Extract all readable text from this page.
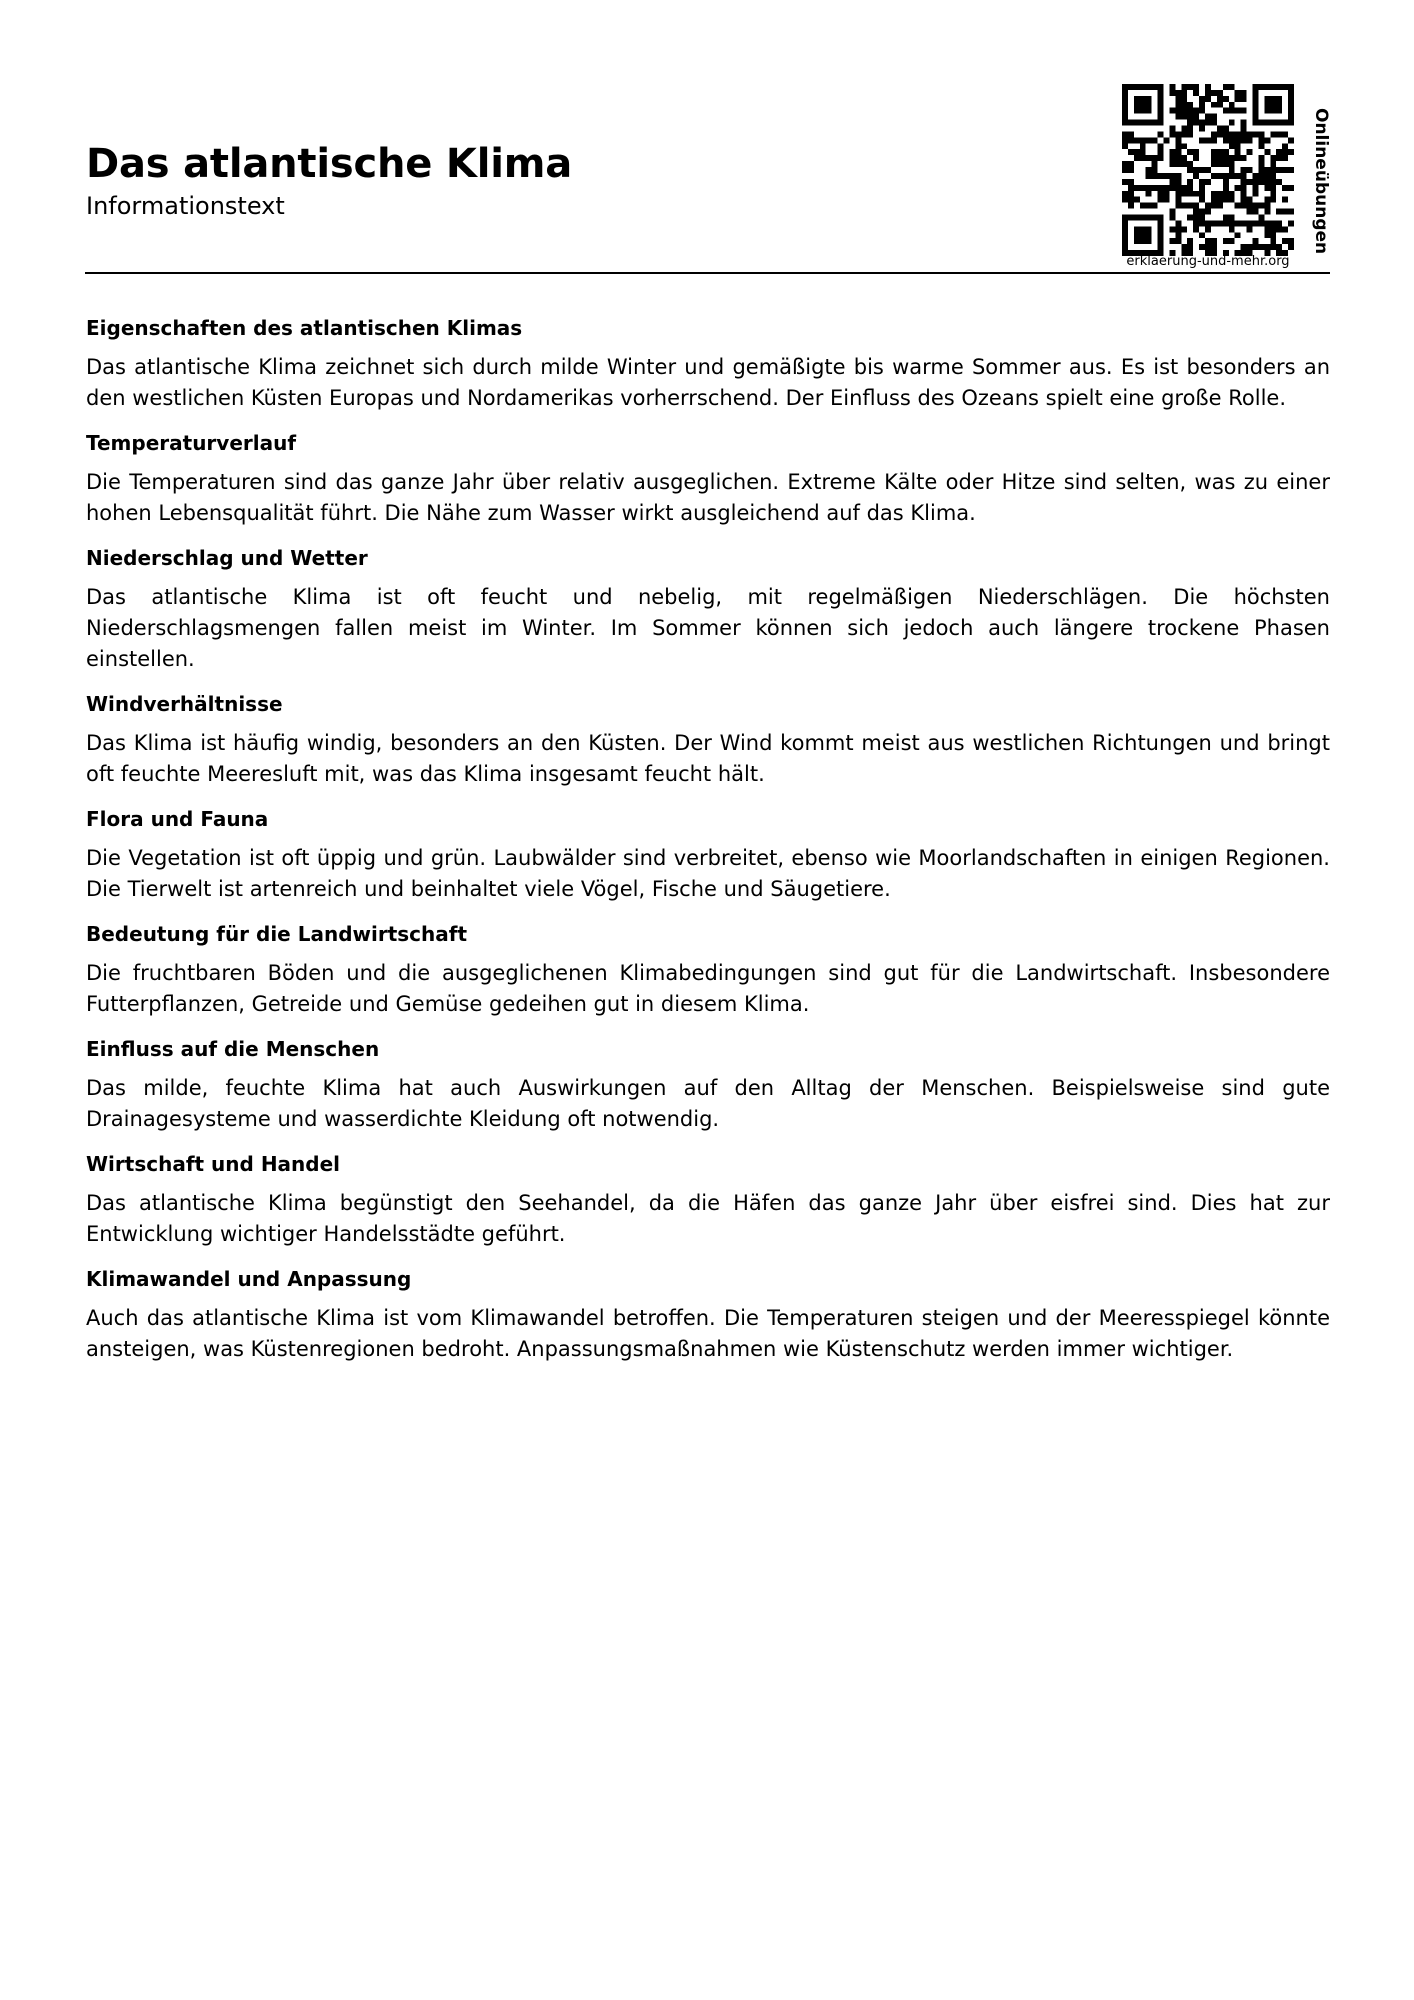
Das atlantische Klima
Informationstext	Onlineübungen
erklaerung-und-mehr.org
Eigenschaften des atlantischen Klimas

Das atlantische Klima zeichnet sich durch milde Winter und gemäßigte bis warme Sommer aus. Es ist besonders an den westlichen Küsten Europas und Nordamerikas vorherrschend. Der Einfluss des Ozeans spielt eine große Rolle.

Temperaturverlauf

Die Temperaturen sind das ganze Jahr über relativ ausgeglichen. Extreme Kälte oder Hitze sind selten, was zu einer hohen Lebensqualität führt. Die Nähe zum Wasser wirkt ausgleichend auf das Klima.

Niederschlag und Wetter

Das atlantische Klima ist oft feucht und nebelig, mit regelmäßigen Niederschlägen. Die höchsten Niederschlagsmengen fallen meist im Winter. Im Sommer können sich jedoch auch längere trockene Phasen einstellen.

Windverhältnisse

Das Klima ist häufig windig, besonders an den Küsten. Der Wind kommt meist aus westlichen Richtungen und bringt oft feuchte Meeresluft mit, was das Klima insgesamt feucht hält.

Flora und Fauna

Die Vegetation ist oft üppig und grün. Laubwälder sind verbreitet, ebenso wie Moorlandschaften in einigen Regionen. Die Tierwelt ist artenreich und beinhaltet viele Vögel, Fische und Säugetiere.

Bedeutung für die Landwirtschaft

Die fruchtbaren Böden und die ausgeglichenen Klimabedingungen sind gut für die Landwirtschaft. Insbesondere Futterpflanzen, Getreide und Gemüse gedeihen gut in diesem Klima.

Einfluss auf die Menschen

Das milde, feuchte Klima hat auch Auswirkungen auf den Alltag der Menschen. Beispielsweise sind gute Drainagesysteme und wasserdichte Kleidung oft notwendig.

Wirtschaft und Handel

Das atlantische Klima begünstigt den Seehandel, da die Häfen das ganze Jahr über eisfrei sind. Dies hat zur Entwicklung wichtiger Handelsstädte geführt.

Klimawandel und Anpassung

Auch das atlantische Klima ist vom Klimawandel betroffen. Die Temperaturen steigen und der Meeresspiegel könnte ansteigen, was Küstenregionen bedroht. Anpassungsmaßnahmen wie Küstenschutz werden immer wichtiger.
